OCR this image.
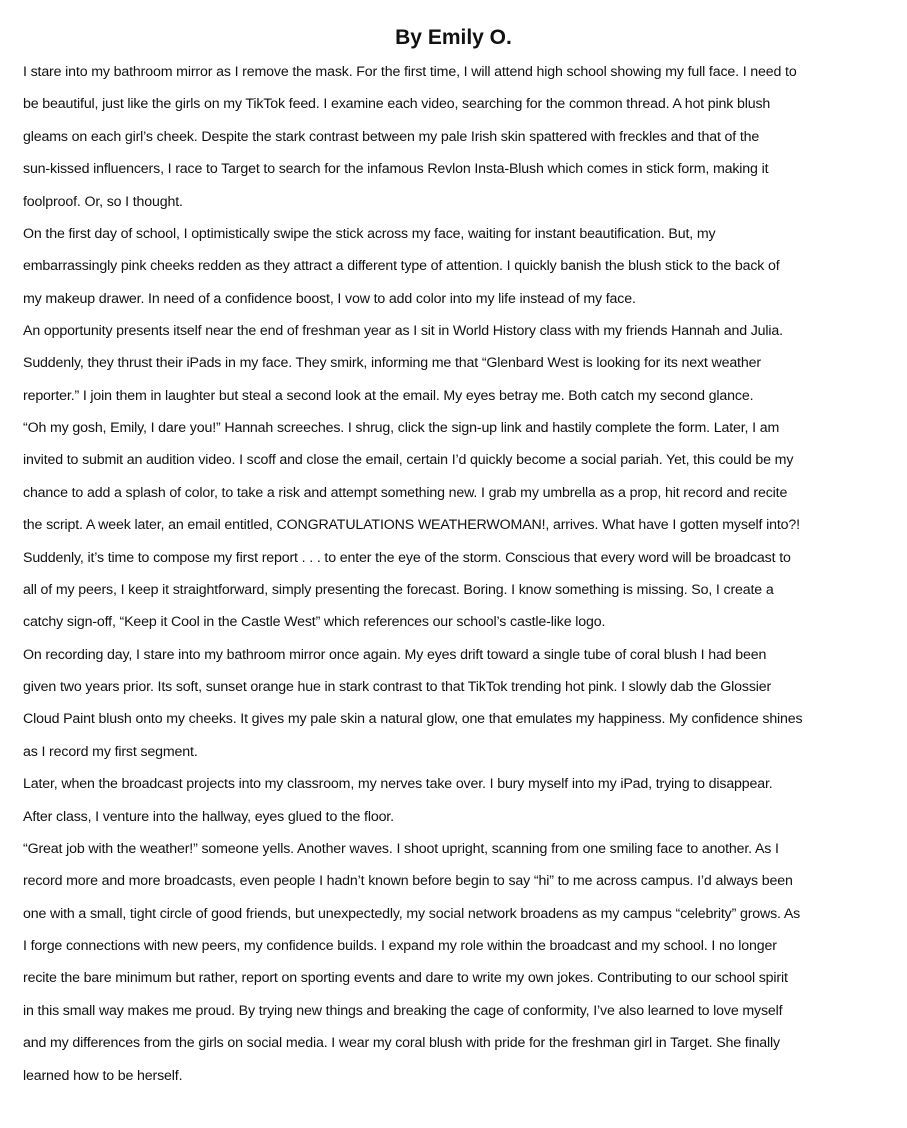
By Emily O.
I stare into my bathroom mirror as I remove the mask. For the first time, I will attend high school showing my full face. I need to
be beautiful, just like the girls on my TikTok feed. I examine each video, searching for the common thread. A hot pink blush
gleams on each girl’s cheek. Despite the stark contrast between my pale Irish skin spattered with freckles and that of the
sun-kissed influencers, I race to Target to search for the infamous Revlon Insta-Blush which comes in stick form, making it
foolproof. Or, so I thought.
On the first day of school, I optimistically swipe the stick across my face, waiting for instant beautification. But, my
embarrassingly pink cheeks redden as they attract a different type of attention. I quickly banish the blush stick to the back of
my makeup drawer. In need of a confidence boost, I vow to add color into my life instead of my face.
An opportunity presents itself near the end of freshman year as I sit in World History class with my friends Hannah and Julia.
Suddenly, they thrust their iPads in my face. They smirk, informing me that “Glenbard West is looking for its next weather
reporter.” I join them in laughter but steal a second look at the email. My eyes betray me. Both catch my second glance.
“Oh my gosh, Emily, I dare you!” Hannah screeches. I shrug, click the sign-up link and hastily complete the form. Later, I am
invited to submit an audition video. I scoff and close the email, certain I’d quickly become a social pariah. Yet, this could be my
chance to add a splash of color, to take a risk and attempt something new. I grab my umbrella as a prop, hit record and recite
the script. A week later, an email entitled, CONGRATULATIONS WEATHERWOMAN!, arrives. What have I gotten myself into?!
Suddenly, it’s time to compose my first report . . . to enter the eye of the storm. Conscious that every word will be broadcast to
all of my peers, I keep it straightforward, simply presenting the forecast. Boring. I know something is missing. So, I create a
catchy sign-off, “Keep it Cool in the Castle West” which references our school’s castle-like logo.
On recording day, I stare into my bathroom mirror once again. My eyes drift toward a single tube of coral blush I had been
given two years prior. Its soft, sunset orange hue in stark contrast to that TikTok trending hot pink. I slowly dab the Glossier
Cloud Paint blush onto my cheeks. It gives my pale skin a natural glow, one that emulates my happiness. My confidence shines
as I record my first segment.
Later, when the broadcast projects into my classroom, my nerves take over. I bury myself into my iPad, trying to disappear.
After class, I venture into the hallway, eyes glued to the floor.
“Great job with the weather!” someone yells. Another waves. I shoot upright, scanning from one smiling face to another. As I
record more and more broadcasts, even people I hadn’t known before begin to say “hi” to me across campus. I’d always been
one with a small, tight circle of good friends, but unexpectedly, my social network broadens as my campus “celebrity” grows. As
I forge connections with new peers, my confidence builds. I expand my role within the broadcast and my school. I no longer
recite the bare minimum but rather, report on sporting events and dare to write my own jokes. Contributing to our school spirit
in this small way makes me proud. By trying new things and breaking the cage of conformity, I’ve also learned to love myself
and my differences from the girls on social media. I wear my coral blush with pride for the freshman girl in Target. She finally
learned how to be herself.
